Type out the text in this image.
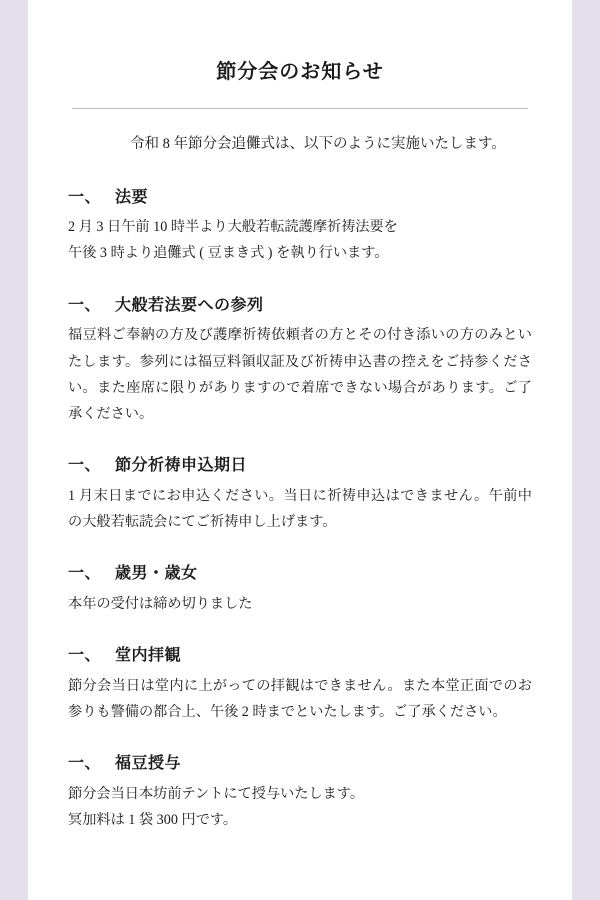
節分会のお知らせ

令和 8 年節分会追儺式は、以下のように実施いたします。

一、 法要

2 月 3 日午前 10 時半より大般若転読護摩祈祷法要を
午後 3 時より追儺式 ( 豆まき式 ) を執り行います。

一、 大般若法要への参列

福豆料ご奉納の方及び護摩祈祷依頼者の方とその付き添いの方のみといたします。参列には福豆料領収証及び祈祷申込書の控えをご持参ください。また座席に限りがありますので着席できない場合があります。ご了承ください。

一、 節分祈祷申込期日

1 月末日までにお申込ください。当日に祈祷申込はできません。午前中の大般若転読会にてご祈祷申し上げます。

一、 歳男・歳女

本年の受付は締め切りました

一、 堂内拝観

節分会当日は堂内に上がっての拝観はできません。また本堂正面でのお参りも警備の都合上、午後 2 時までといたします。ご了承ください。

一、 福豆授与

節分会当日本坊前テントにて授与いたします。
冥加料は 1 袋 300 円です。
